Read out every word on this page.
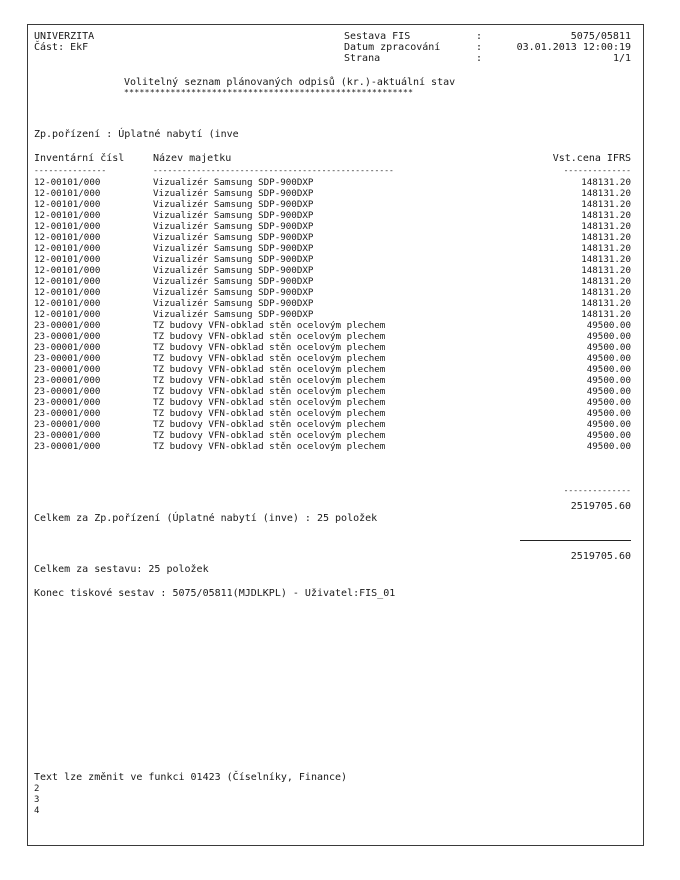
UNIVERZITA
Část: EkF
Sestava FIS	:	5075/05811
Datum zpracování	:	03.01.2013 12:00:19
Strana	:	1/1
Volitelný seznam plánovaných odpisů (kr.)-aktuální stav
********************************************************
Zp.pořízení : Úplatné nabytí (inve
Inventární čísl	Název majetku	Vst.cena IFRS
---------------	--------------------------------------------------	--------------
12-00101/000	Vizualizér Samsung SDP-900DXP	148131.20
12-00101/000	Vizualizér Samsung SDP-900DXP	148131.20
12-00101/000	Vizualizér Samsung SDP-900DXP	148131.20
12-00101/000	Vizualizér Samsung SDP-900DXP	148131.20
12-00101/000	Vizualizér Samsung SDP-900DXP	148131.20
12-00101/000	Vizualizér Samsung SDP-900DXP	148131.20
12-00101/000	Vizualizér Samsung SDP-900DXP	148131.20
12-00101/000	Vizualizér Samsung SDP-900DXP	148131.20
12-00101/000	Vizualizér Samsung SDP-900DXP	148131.20
12-00101/000	Vizualizér Samsung SDP-900DXP	148131.20
12-00101/000	Vizualizér Samsung SDP-900DXP	148131.20
12-00101/000	Vizualizér Samsung SDP-900DXP	148131.20
12-00101/000	Vizualizér Samsung SDP-900DXP	148131.20
23-00001/000	TZ budovy VFN-obklad stěn ocelovým plechem	49500.00
23-00001/000	TZ budovy VFN-obklad stěn ocelovým plechem	49500.00
23-00001/000	TZ budovy VFN-obklad stěn ocelovým plechem	49500.00
23-00001/000	TZ budovy VFN-obklad stěn ocelovým plechem	49500.00
23-00001/000	TZ budovy VFN-obklad stěn ocelovým plechem	49500.00
23-00001/000	TZ budovy VFN-obklad stěn ocelovým plechem	49500.00
23-00001/000	TZ budovy VFN-obklad stěn ocelovým plechem	49500.00
23-00001/000	TZ budovy VFN-obklad stěn ocelovým plechem	49500.00
23-00001/000	TZ budovy VFN-obklad stěn ocelovým plechem	49500.00
23-00001/000	TZ budovy VFN-obklad stěn ocelovým plechem	49500.00
23-00001/000	TZ budovy VFN-obklad stěn ocelovým plechem	49500.00
23-00001/000	TZ budovy VFN-obklad stěn ocelovým plechem	49500.00
--------------
2519705.60
Celkem za Zp.pořízení (Úplatné nabytí (inve) : 25 položek
2519705.60
Celkem za sestavu: 25 položek
Konec tiskové sestav : 5075/05811(MJDLKPL) - Uživatel:FIS_01
Text lze změnit ve funkci 01423 (Číselníky, Finance)
2
3
4
